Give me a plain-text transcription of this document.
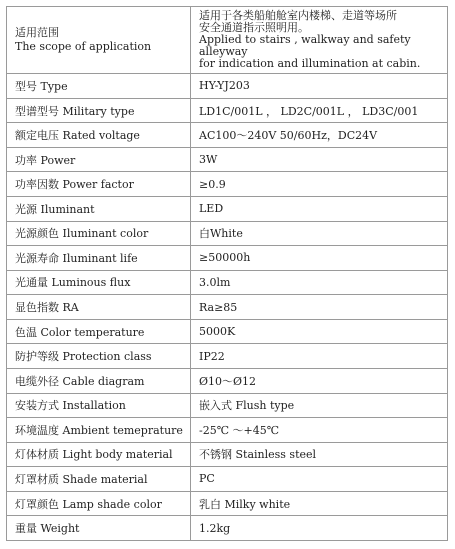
适用范围
The scope of application	适用于各类船舶舱室内楼梯、走道等场所
安全通道指示照明用。
Applied to stairs , walkway and safety alleyway
for indication and illumination at cabin.

型号 Type	HY-YJ203
型谱型号 Military type	LD1C/001L ， LD2C/001L ， LD3C/001
额定电压 Rated voltage	AC100～240V 50/60Hz，DC24V
功率 Power	3W
功率因数 Power factor	≥0.9
光源 Iluminant	LED
光源颜色 Iluminant color	白White
光源寿命 Iluminant life	≥50000h
光通量 Luminous flux	3.0lm
显色指数 RA	Ra≥85
色温 Color temperature	5000K
防护等级 Protection class	IP22
电缆外径 Cable diagram	Ø10～Ø12
安装方式 Installation	嵌入式 Flush type
环境温度 Ambient temeprature	-25℃ ～+45℃
灯体材质 Light body material	不锈钢 Stainless steel
灯罩材质 Shade material	PC
灯罩颜色 Lamp shade color	乳白 Milky white
重量 Weight	1.2kg
